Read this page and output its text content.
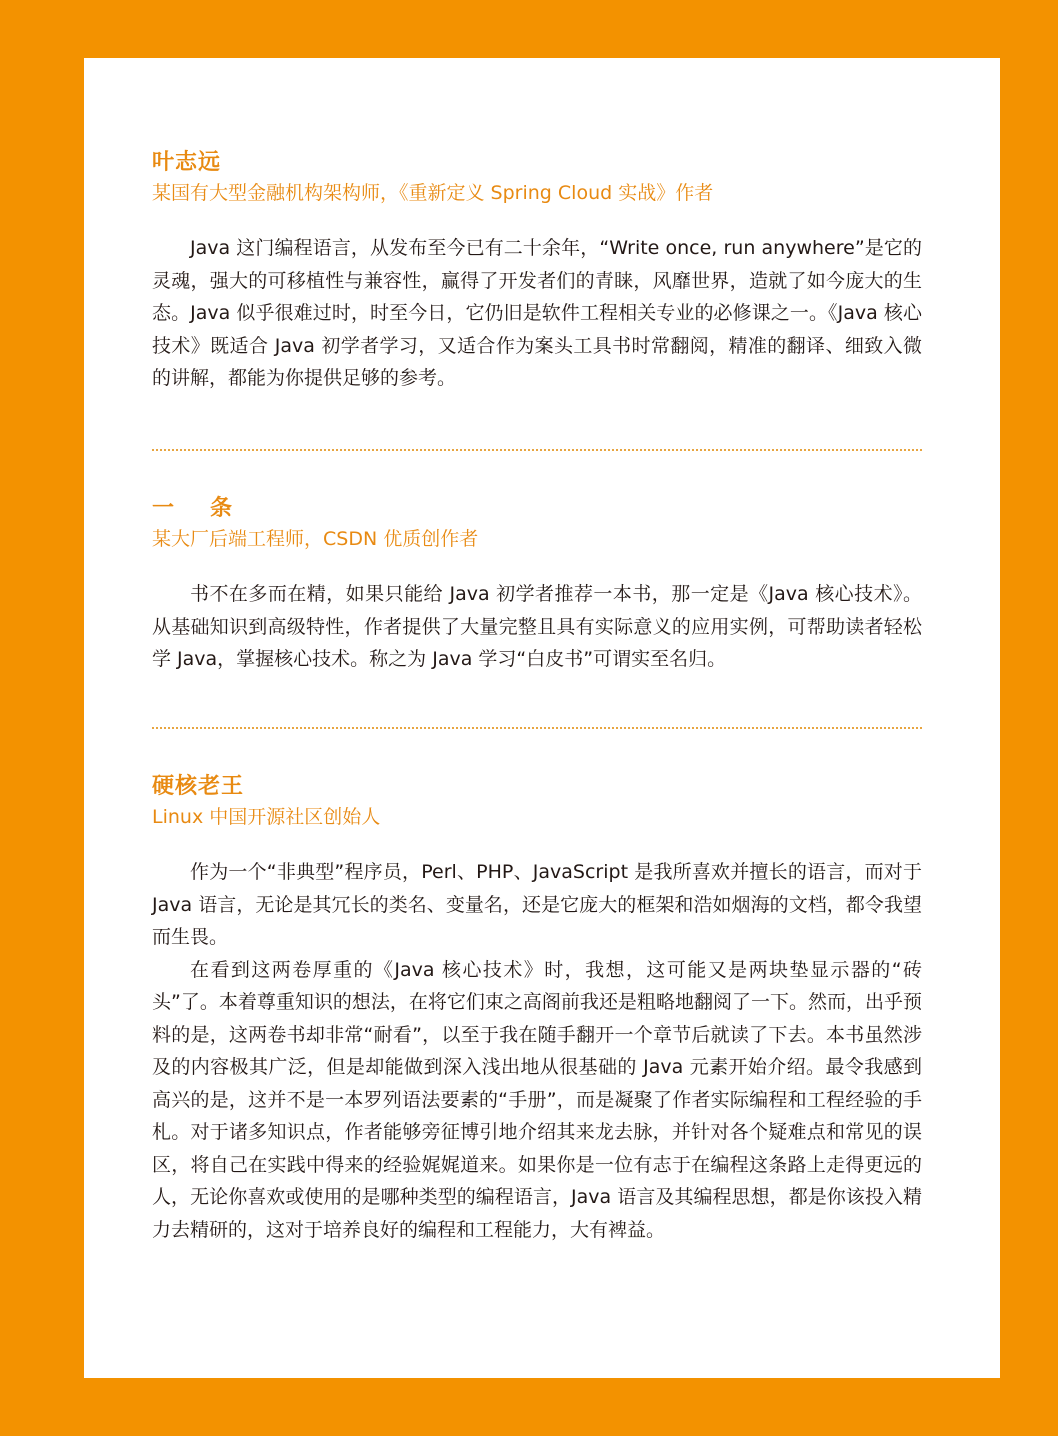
叶志远

某国有大型金融机构架构师，《重新定义 Spring Cloud 实战》作者

Java 这门编程语言，从发布至今已有二十余年，“Write once, run anywhere”是它的灵魂，强大的可移植性与兼容性，赢得了开发者们的青睐，风靡世界，造就了如今庞大的生态。Java 似乎很难过时，时至今日，它仍旧是软件工程相关专业的必修课之一。《Java 核心技术》既适合 Java 初学者学习，又适合作为案头工具书时常翻阅，精准的翻译、细致入微的讲解，都能为你提供足够的参考。

一条

某大厂后端工程师，CSDN 优质创作者

书不在多而在精，如果只能给 Java 初学者推荐一本书，那一定是《Java 核心技术》。从基础知识到高级特性，作者提供了大量完整且具有实际意义的应用实例，可帮助读者轻松学 Java，掌握核心技术。称之为 Java 学习“白皮书”可谓实至名归。

硬核老王

Linux 中国开源社区创始人

作为一个“非典型”程序员，Perl、PHP、JavaScript 是我所喜欢并擅长的语言，而对于 Java 语言，无论是其冗长的类名、变量名，还是它庞大的框架和浩如烟海的文档，都令我望而生畏。

在看到这两卷厚重的《Java 核心技术》时，我想，这可能又是两块垫显示器的“砖头”了。本着尊重知识的想法，在将它们束之高阁前我还是粗略地翻阅了一下。然而，出乎预料的是，这两卷书却非常“耐看”，以至于我在随手翻开一个章节后就读了下去。本书虽然涉及的内容极其广泛，但是却能做到深入浅出地从很基础的 Java 元素开始介绍。最令我感到高兴的是，这并不是一本罗列语法要素的“手册”，而是凝聚了作者实际编程和工程经验的手札。对于诸多知识点，作者能够旁征博引地介绍其来龙去脉，并针对各个疑难点和常见的误区，将自己在实践中得来的经验娓娓道来。如果你是一位有志于在编程这条路上走得更远的人，无论你喜欢或使用的是哪种类型的编程语言，Java 语言及其编程思想，都是你该投入精力去精研的，这对于培养良好的编程和工程能力，大有裨益。
